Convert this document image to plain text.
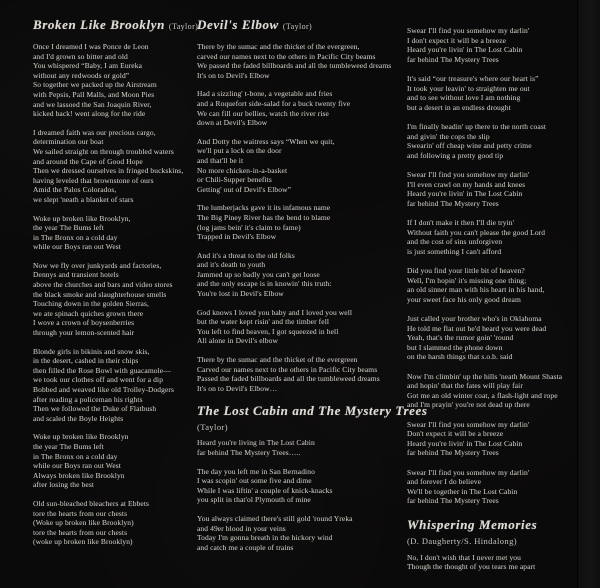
Broken Like Brooklyn (Taylor)
Once I dreamed I was Ponce de Leon
and I'd grown so bitter and old
You whispered “Baby, I am Eureka
without any redwoods or gold”
So together we packed up the Airstream
with Pepsis, Pall Malls, and Moon Pies
and we lassoed the San Joaquin River,
kicked back! went along for the ride
I dreamed faith was our precious cargo,
determination our boat
We sailed straight on through troubled waters
and around the Cape of Good Hope
Then we dressed ourselves in fringed buckskins,
having leveled that brownstone of ours
Amid the Palos Colorados,
we slept 'neath a blanket of stars
Woke up broken like Brooklyn,
the year The Bums left
in The Bronx on a cold day
while our Boys ran out West
Now we fly over junkyards and factories,
Dennys and transient hotels
above the churches and bars and video stores
the black smoke and slaughterhouse smells
Touching down in the golden Sierras,
we ate spinach quiches grown there
I wove a crown of boysenberries
through your lemon-scented hair
Blonde girls in bikinis and snow skis,
in the desert, cashed in their chips
then filled the Rose Bowl with guacamole—
we took our clothes off and went for a dip
Bobbed and weaved like old Trolley-Dodgers
after reading a policeman his rights
Then we followed the Duke of Flatbush
and scaled the Boyle Heights
Woke up broken like Brooklyn
the year The Bums left
in The Bronx on a cold day
while our Boys ran out West
Always broken like Brooklyn
after losing the best
Old sun-bleached bleachers at Ebbets
tore the hearts from our chests
(Woke up broken like Brooklyn)
tore the hearts from our chests
(woke up broken like Brooklyn)
Devil's Elbow (Taylor)
There by the sumac and the thicket of the evergreen,
carved our names next to the others in Pacific City beams
We passed the faded billboards and all the tumbleweed dreams
It's on to Devil's Elbow
Had a sizzling' t-bone, a vegetable and fries
and a Roquefort side-salad for a buck twenty five
We can fill our bellies, watch the river rise
down at Devil's Elbow
And Dotty the waitress says “When we quit,
we'll put a lock on the door
and that'll be it
No more chicken-in-a-basket
or Chili-Supper benefits
Getting' out of Devil's Elbow”
The lumberjacks gave it its infamous name
The Big Piney River has the bend to blame
(log jams bein' it's claim to fame)
Trapped in Devil's Elbow
And it's a threat to the old folks
and it's death to youth
Jammed up so badly you can't get loose
and the only escape is in knowin' this truth:
You're lost in Devil's Elbow
God knows I loved you baby and I loved you well
but the water kept risin' and the timber fell
You left to find heaven, I got squeezed in hell
All alone in Devil's elbow
There by the sumac and the thicket of the evergreen
Carved our names next to the others in Pacific City beams
Passed the faded billboards and all the tumbleweed dreams
It's on to Devil's Elbow…
The Lost Cabin and The Mystery Trees
(Taylor)
Heard you're living in The Lost Cabin
far behind The Mystery Trees…..
The day you left me in San Bernadino
I was scopin' out some five and dime
While I was liftin' a couple of knick-knacks
you split in that'ol Plymouth of mine
You always claimed there's still gold 'round Yreka
and 49er blood in your veins
Today I'm gonna breath in the hickory wind
and catch me a couple of trains
Swear I'll find you somehow my darlin'
I don't expect it will be a breeze
Heard you're livin' in The Lost Cabin
far behind The Mystery Trees
It's said “our treasure's where our heart is”
It took your leavin' to straighten me out
and to see without love I am nothing
but a desert in an endless drought
I'm finally headin' up there to the north coast
and givin' the cops the slip
Swearin' off cheap wine and petty crime
and following a pretty good tip
Swear I'll find you somehow my darlin'
I'll even crawl on my hands and knees
Heard you're livin' in The Lost Cabin
far behind The Mystery Trees
If I don't make it then I'll die tryin'
Without faith you can't please the good Lord
and the cost of sins unforgiven
is just something I can't afford
Did you find your little bit of heaven?
Well, I'm hopin' it's missing one thing;
an old sinner man with his heart in his hand,
your sweet face his only good dream
Just called your brother who's in Oklahoma
He told me flat out he'd heard you were dead
Yeah, that's the rumor goin' 'round
but I slammed the phone down
on the harsh things that s.o.b. said
Now I'm climbin' up the hills 'neath Mount Shasta
and hopin' that the fates will play fair
Got me an old winter coat, a flash-light and rope
and I'm prayin' you're not dead up there
Swear I'll find you somehow my darlin'
Don't expect it will be a breeze
Heard you're livin' in The Lost Cabin
far behind The Mystery Trees
Swear I'll find you somehow my darlin'
and forever I do believe
We'll be together in The Lost Cabin
far behind The Mystery Trees
Whispering Memories
(D. Daugherty/S. Hindalong)
No, I don't wish that I never met you
Though the thought of you tears me apart
